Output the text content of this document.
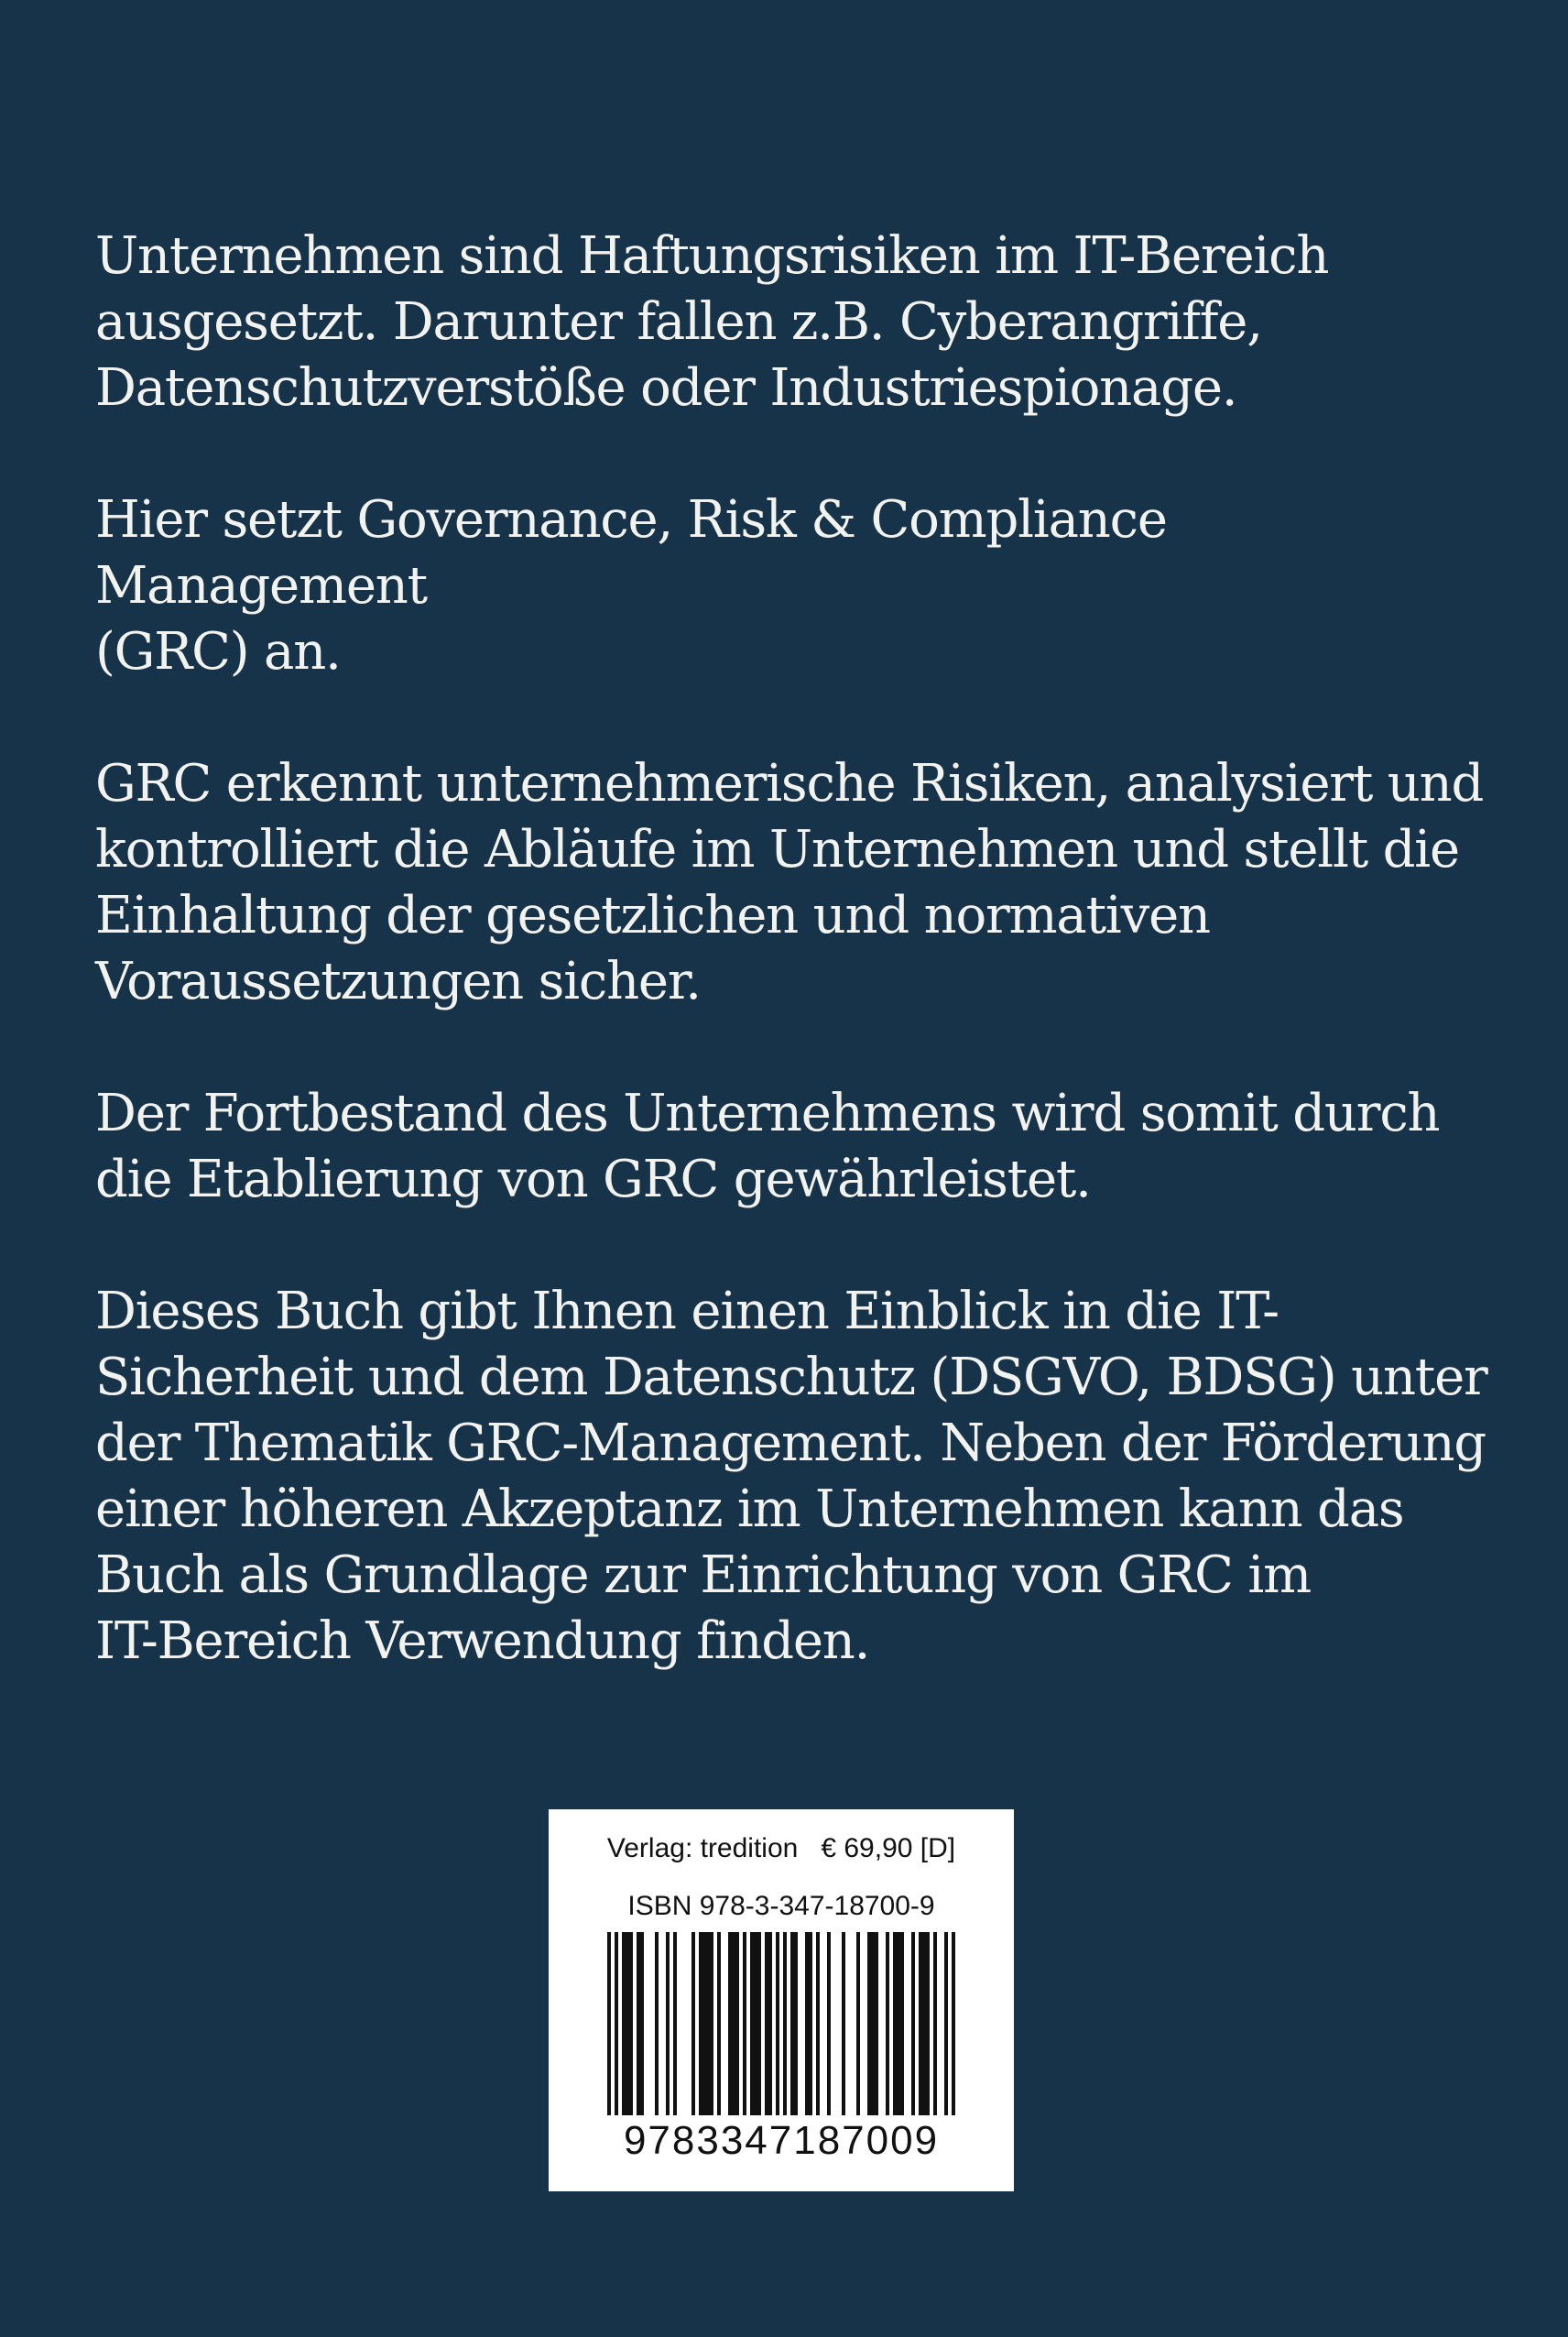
Unternehmen sind Haftungsrisiken im IT-Bereich
ausgesetzt. Darunter fallen z.B. Cyberangriffe,
Datenschutzverstöße oder Industriespionage.

Hier setzt Governance, Risk & Compliance Management
(GRC) an.

GRC erkennt unternehmerische Risiken, analysiert und
kontrolliert die Abläufe im Unternehmen und stellt die
Einhaltung der gesetzlichen und normativen
Voraussetzungen sicher.

Der Fortbestand des Unternehmens wird somit durch
die Etablierung von GRC gewährleistet.

Dieses Buch gibt Ihnen einen Einblick in die IT-
Sicherheit und dem Datenschutz (DSGVO, BDSG) unter
der Thematik GRC-Management. Neben der Förderung
einer höheren Akzeptanz im Unternehmen kann das
Buch als Grundlage zur Einrichtung von GRC im
IT-Bereich Verwendung finden.

Verlag: tredition   € 69,90 [D]
ISBN 978-3-347-18700-9
9783347187009
